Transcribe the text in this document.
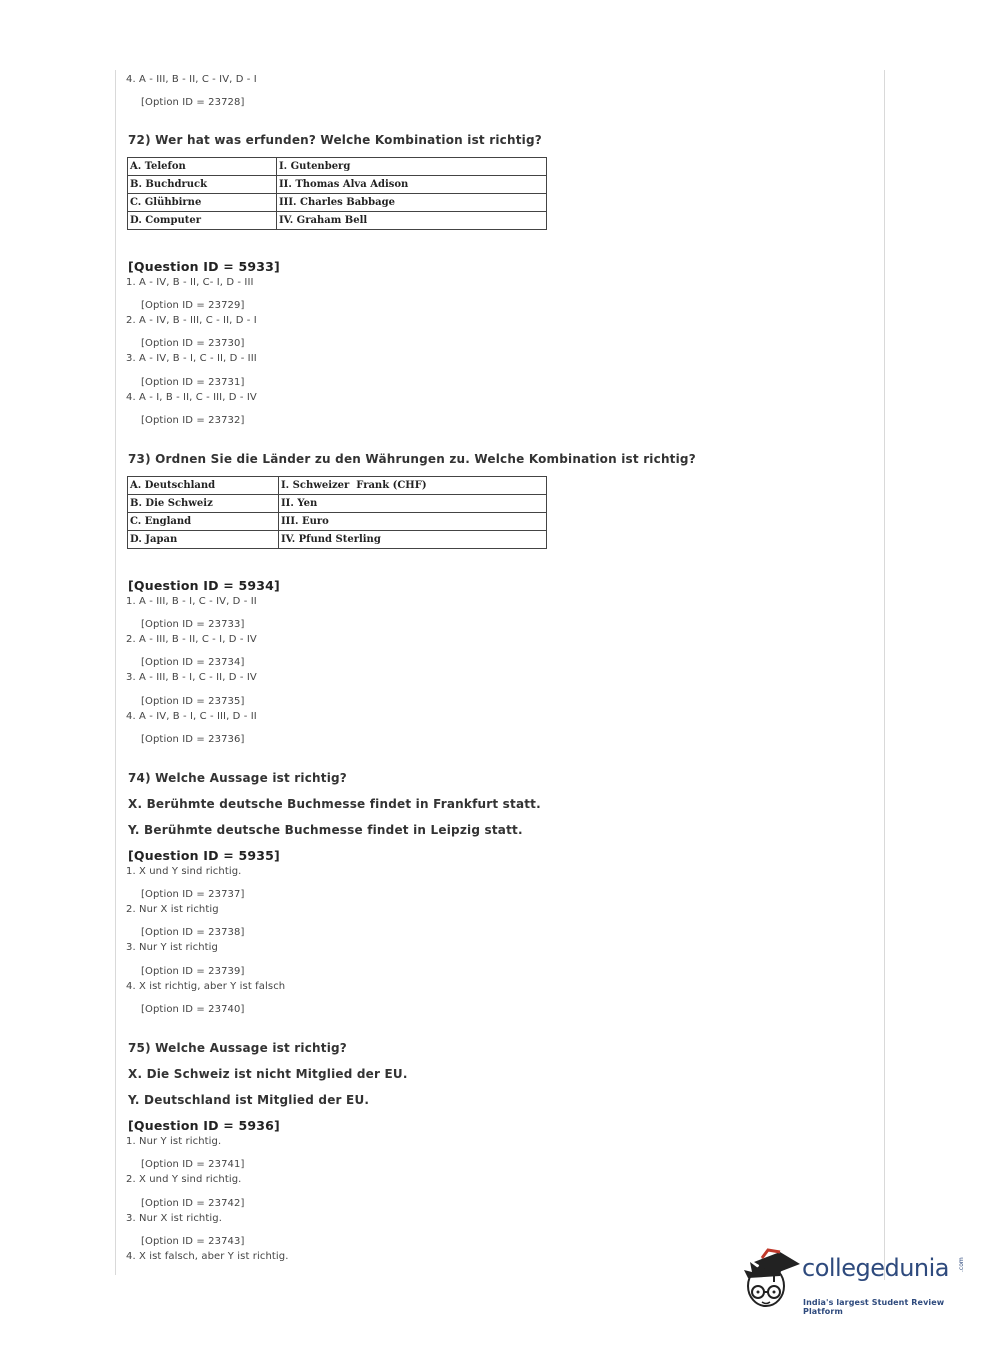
4. A - III, B - II, C - IV, D - I
[Option ID = 23728]
72) Wer hat was erfunden? Welche Kombination ist richtig?
A. Telefon	I. Gutenberg
B. Buchdruck	II. Thomas Alva Adison
C. Glühbirne	III. Charles Babbage
D. Computer	IV. Graham Bell
[Question ID = 5933]
1. A - IV, B - II, C- I, D - III
[Option ID = 23729]
2. A - IV, B - III, C - II, D - I
[Option ID = 23730]
3. A - IV, B - I, C - II, D - III
[Option ID = 23731]
4. A - I, B - II, C - III, D - IV
[Option ID = 23732]
73) Ordnen Sie die Länder zu den Währungen zu. Welche Kombination ist richtig?
A. Deutschland	I. Schweizer  Frank (CHF)
B. Die Schweiz	II. Yen
C. England	III. Euro
D. Japan	IV. Pfund Sterling
[Question ID = 5934]
1. A - III, B - I, C - IV, D - II
[Option ID = 23733]
2. A - III, B - II, C - I, D - IV
[Option ID = 23734]
3. A - III, B - I, C - II, D - IV
[Option ID = 23735]
4. A - IV, B - I, C - III, D - II
[Option ID = 23736]
74) Welche Aussage ist richtig?
X. Berühmte deutsche Buchmesse findet in Frankfurt statt.
Y. Berühmte deutsche Buchmesse findet in Leipzig statt.
[Question ID = 5935]
1. X und Y sind richtig.
[Option ID = 23737]
2. Nur X ist richtig
[Option ID = 23738]
3. Nur Y ist richtig
[Option ID = 23739]
4. X ist richtig, aber Y ist falsch
[Option ID = 23740]
75) Welche Aussage ist richtig?
X. Die Schweiz ist nicht Mitglied der EU.
Y. Deutschland ist Mitglied der EU.
[Question ID = 5936]
1. Nur Y ist richtig.
[Option ID = 23741]
2. X und Y sind richtig.
[Option ID = 23742]
3. Nur X ist richtig.
[Option ID = 23743]
4. X ist falsch, aber Y ist richtig.	collegedunia .com
India's largest Student Review Platform
